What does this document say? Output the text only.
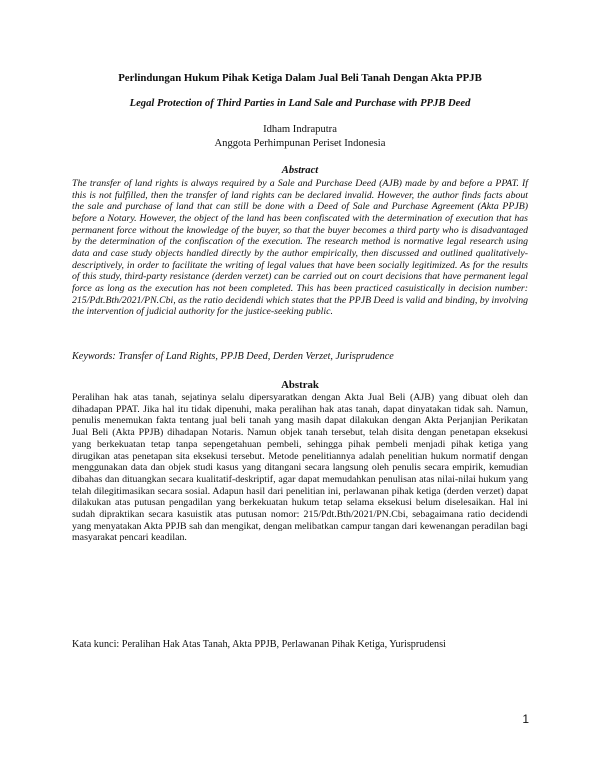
Perlindungan Hukum Pihak Ketiga Dalam Jual Beli Tanah Dengan Akta PPJB
Legal Protection of Third Parties in Land Sale and Purchase with PPJB Deed
Idham Indraputra
Anggota Perhimpunan Periset Indonesia
Abstract
The transfer of land rights is always required by a Sale and Purchase Deed (AJB) made by and before a PPAT. If this is not fulfilled, then the transfer of land rights can be declared invalid. However, the author finds facts about the sale and purchase of land that can still be done with a Deed of Sale and Purchase Agreement (Akta PPJB) before a Notary. However, the object of the land has been confiscated with the determination of execution that has permanent force without the knowledge of the buyer, so that the buyer becomes a third party who is disadvantaged by the determination of the confiscation of the execution. The research method is normative legal research using data and case study objects handled directly by the author empirically, then discussed and outlined qualitatively-descriptively, in order to facilitate the writing of legal values that have been socially legitimized. As for the results of this study, third-party resistance (derden verzet) can be carried out on court decisions that have permanent legal force as long as the execution has not been completed. This has been practiced casuistically in decision number: 215/Pdt.Bth/2021/PN.Cbi, as the ratio decidendi which states that the PPJB Deed is valid and binding, by involving the intervention of judicial authority for the justice-seeking public.
Keywords: Transfer of Land Rights, PPJB Deed, Derden Verzet, Jurisprudence
Abstrak
Peralihan hak atas tanah, sejatinya selalu dipersyaratkan dengan Akta Jual Beli (AJB) yang dibuat oleh dan dihadapan PPAT. Jika hal itu tidak dipenuhi, maka peralihan hak atas tanah, dapat dinyatakan tidak sah. Namun, penulis menemukan fakta tentang jual beli tanah yang masih dapat dilakukan dengan Akta Perjanjian Perikatan Jual Beli (Akta PPJB) dihadapan Notaris. Namun objek tanah tersebut, telah disita dengan penetapan eksekusi yang berkekuatan tetap tanpa sepengetahuan pembeli, sehingga pihak pembeli menjadi pihak ketiga yang dirugikan atas penetapan sita eksekusi tersebut. Metode penelitiannya adalah penelitian hukum normatif dengan menggunakan data dan objek studi kasus yang ditangani secara langsung oleh penulis secara empirik, kemudian dibahas dan dituangkan secara kualitatif-deskriptif, agar dapat memudahkan penulisan atas nilai-nilai hukum yang telah dilegitimasikan secara sosial. Adapun hasil dari penelitian ini, perlawanan pihak ketiga (derden verzet) dapat dilakukan atas putusan pengadilan yang berkekuatan hukum tetap selama eksekusi belum diselesaikan. Hal ini sudah dipraktikan secara kasuistik atas putusan nomor: 215/Pdt.Bth/2021/PN.Cbi, sebagaimana ratio decidendi yang menyatakan Akta PPJB sah dan mengikat, dengan melibatkan campur tangan dari kewenangan peradilan bagi masyarakat pencari keadilan.
Kata kunci: Peralihan Hak Atas Tanah, Akta PPJB, Perlawanan Pihak Ketiga, Yurisprudensi
1
